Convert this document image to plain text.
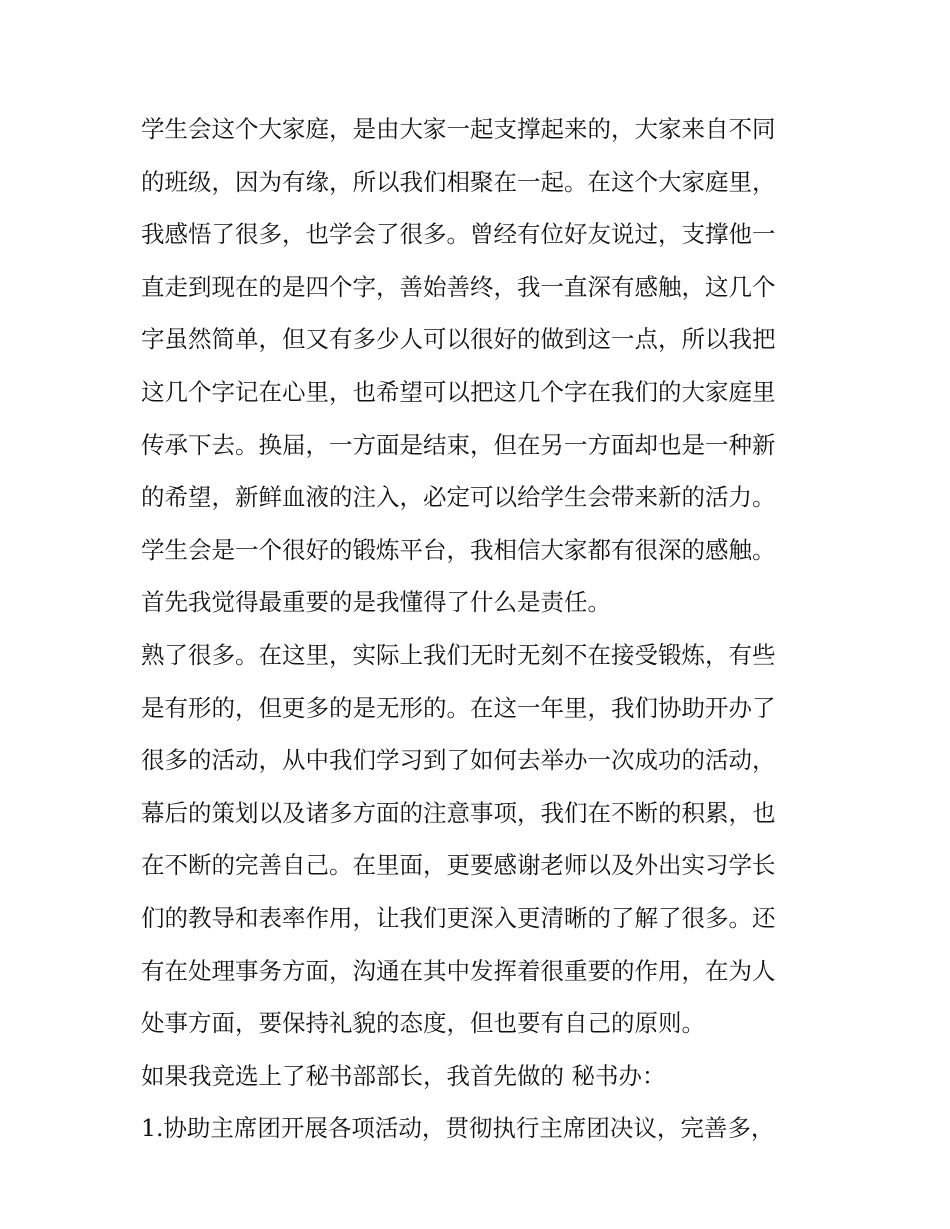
学生会这个大家庭，是由大家一起支撑起来的，大家来自不同
的班级，因为有缘，所以我们相聚在一起。在这个大家庭里，
我感悟了很多，也学会了很多。曾经有位好友说过，支撑他一
直走到现在的是四个字，善始善终，我一直深有感触，这几个
字虽然简单，但又有多少人可以很好的做到这一点，所以我把
这几个字记在心里，也希望可以把这几个字在我们的大家庭里
传承下去。换届，一方面是结束，但在另一方面却也是一种新
的希望，新鲜血液的注入，必定可以给学生会带来新的活力。
学生会是一个很好的锻炼平台，我相信大家都有很深的感触。
首先我觉得最重要的是我懂得了什么是责任。
熟了很多。在这里，实际上我们无时无刻不在接受锻炼，有些
是有形的，但更多的是无形的。在这一年里，我们协助开办了
很多的活动，从中我们学习到了如何去举办一次成功的活动，
幕后的策划以及诸多方面的注意事项，我们在不断的积累，也
在不断的完善自己。在里面，更要感谢老师以及外出实习学长
们的教导和表率作用，让我们更深入更清晰的了解了很多。还
有在处理事务方面，沟通在其中发挥着很重要的作用，在为人
处事方面，要保持礼貌的态度，但也要有自己的原则。
如果我竞选上了秘书部部长，我首先做的 秘书办：
1.协助主席团开展各项活动，贯彻执行主席团决议，完善多，
